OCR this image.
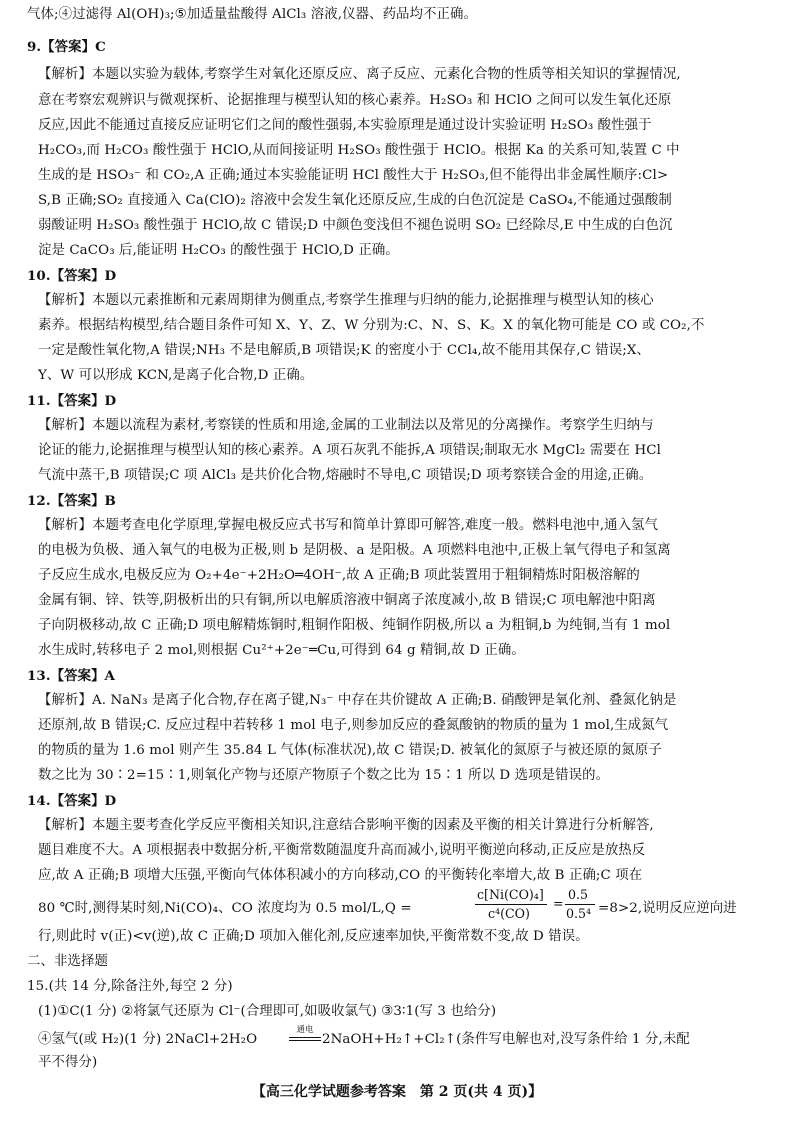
气体;④过滤得 Al(OH)₃;⑤加适量盐酸得 AlCl₃ 溶液,仪器、药品均不正确。
9.【答案】C
【解析】本题以实验为载体,考察学生对氧化还原反应、离子反应、元素化合物的性质等相关知识的掌握情况,
意在考察宏观辨识与微观探析、论据推理与模型认知的核心素养。H₂SO₃ 和 HClO 之间可以发生氧化还原
反应,因此不能通过直接反应证明它们之间的酸性强弱,本实验原理是通过设计实验证明 H₂SO₃ 酸性强于
H₂CO₃,而 H₂CO₃ 酸性强于 HClO,从而间接证明 H₂SO₃ 酸性强于 HClO。根据 Ka 的关系可知,装置 C 中
生成的是 HSO₃⁻ 和 CO₂,A 正确;通过本实验能证明 HCl 酸性大于 H₂SO₃,但不能得出非金属性顺序:Cl>
S,B 正确;SO₂ 直接通入 Ca(ClO)₂ 溶液中会发生氧化还原反应,生成的白色沉淀是 CaSO₄,不能通过强酸制
弱酸证明 H₂SO₃ 酸性强于 HClO,故 C 错误;D 中颜色变浅但不褪色说明 SO₂ 已经除尽,E 中生成的白色沉
淀是 CaCO₃ 后,能证明 H₂CO₃ 的酸性强于 HClO,D 正确。
10.【答案】D
【解析】本题以元素推断和元素周期律为侧重点,考察学生推理与归纳的能力,论据推理与模型认知的核心
素养。根据结构模型,结合题目条件可知 X、Y、Z、W 分别为:C、N、S、K。X 的氧化物可能是 CO 或 CO₂,不
一定是酸性氧化物,A 错误;NH₃ 不是电解质,B 项错误;K 的密度小于 CCl₄,故不能用其保存,C 错误;X、
Y、W 可以形成 KCN,是离子化合物,D 正确。
11.【答案】D
【解析】本题以流程为素材,考察镁的性质和用途,金属的工业制法以及常见的分离操作。考察学生归纳与
论证的能力,论据推理与模型认知的核心素养。A 项石灰乳不能拆,A 项错误;制取无水 MgCl₂ 需要在 HCl
气流中蒸干,B 项错误;C 项 AlCl₃ 是共价化合物,熔融时不导电,C 项错误;D 项考察镁合金的用途,正确。
12.【答案】B
【解析】本题考查电化学原理,掌握电极反应式书写和简单计算即可解答,难度一般。燃料电池中,通入氢气
的电极为负极、通入氧气的电极为正极,则 b 是阴极、a 是阳极。A 项燃料电池中,正极上氧气得电子和氢离
子反应生成水,电极反应为 O₂+4e⁻+2H₂O═4OH⁻,故 A 正确;B 项此装置用于粗铜精炼时阳极溶解的
金属有铜、锌、铁等,阴极析出的只有铜,所以电解质溶液中铜离子浓度减小,故 B 错误;C 项电解池中阳离
子向阴极移动,故 C 正确;D 项电解精炼铜时,粗铜作阳极、纯铜作阴极,所以 a 为粗铜,b 为纯铜,当有 1 mol
水生成时,转移电子 2 mol,则根据 Cu²⁺+2e⁻═Cu,可得到 64 g 精铜,故 D 正确。
13.【答案】A
【解析】A. NaN₃ 是离子化合物,存在离子键,N₃⁻ 中存在共价键故 A 正确;B. 硝酸钾是氧化剂、叠氮化钠是
还原剂,故 B 错误;C. 反应过程中若转移 1 mol 电子,则参加反应的叠氮酸钠的物质的量为 1 mol,生成氮气
的物质的量为 1.6 mol 则产生 35.84 L 气体(标准状况),故 C 错误;D. 被氧化的氮原子与被还原的氮原子
数之比为 30∶2=15∶1,则氧化产物与还原产物原子个数之比为 15∶1 所以 D 选项是错误的。
14.【答案】D
【解析】本题主要考查化学反应平衡相关知识,注意结合影响平衡的因素及平衡的相关计算进行分析解答,
题目难度不大。A 项根据表中数据分析,平衡常数随温度升高而减小,说明平衡逆向移动,正反应是放热反
应,故 A 正确;B 项增大压强,平衡向气体体积减小的方向移动,CO 的平衡转化率增大,故 B 正确;C 项在
80 ℃时,测得某时刻,Ni(CO)₄、CO 浓度均为 0.5 mol/L,Q =
c[Ni(CO)₄]
c⁴(CO)
=
0.5
0.5⁴ =8>2,说明反应逆向进
行,则此时 v(正)<v(逆),故 C 正确;D 项加入催化剂,反应速率加快,平衡常数不变,故 D 错误。
二、非选择题
15.(共 14 分,除备注外,每空 2 分)
(1)①C(1 分) ②将氯气还原为 Cl⁻(合理即可,如吸收氯气) ③3∶1(写 3 也给分)
④氢气(或 H₂)(1 分) 2NaCl+2H₂O
通电
2NaOH+H₂↑+Cl₂↑(条件写电解也对,没写条件给 1 分,未配
平不得分)
【高三化学试题参考答案　第 2 页(共 4 页)】
